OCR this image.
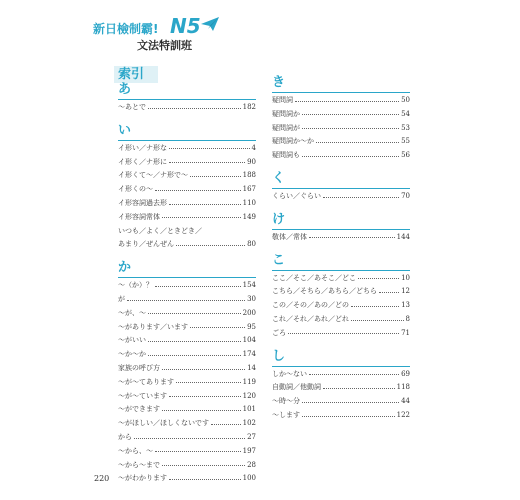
新日檢制霸! N5
文法特訓班
索引
あ
～あとで	182
い
イ形い／ナ形な	4
イ形く／ナ形に	90
イ形くて～／ナ形で～	188
イ形くの～	167
イ形容詞過去形	110
イ形容詞常体	149
いつも／よく／ときどき／
あまり／ぜんぜん	80
か
～（か）？	154
が	30
～が、～	200
～があります／います	95
～がいい	104
～か～か	174
家族の呼び方	14
～が～てあります	119
～が～ています	120
～ができます	101
～がほしい／ほしくないです	102
から	27
～から、～	197
～から～まで	28
～がわかります	100
き
疑問詞	50
疑問詞か	54
疑問詞が	53
疑問詞か～か	55
疑問詞も	56
く
くらい／ぐらい	70
け
敬体／常体	144
こ
ここ／そこ／あそこ／どこ	10
こちら／そちら／あちら／どちら	12
この／その／あの／どの	13
これ／それ／あれ／どれ	8
ごろ	71
し
しか～ない	69
自動詞／他動詞	118
～時～分	44
～します	122
220
